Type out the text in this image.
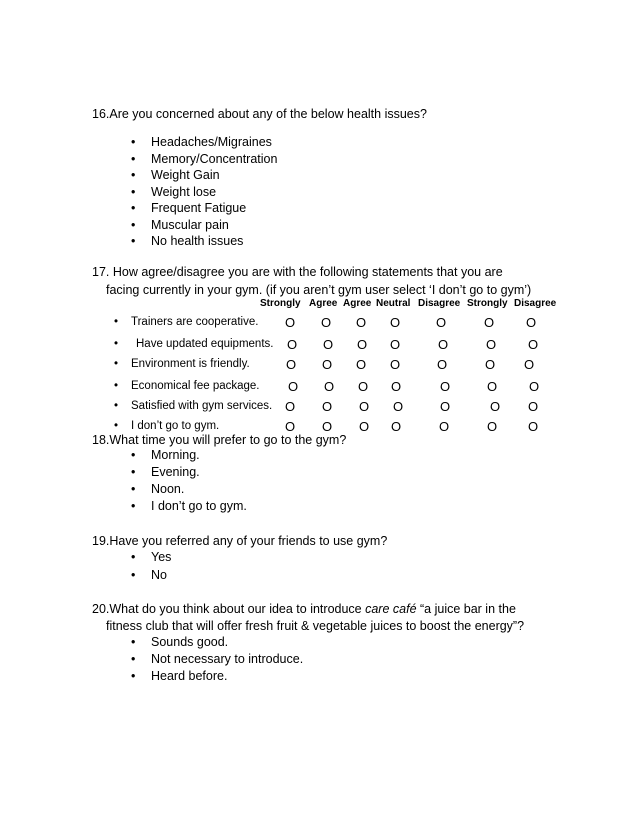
16.Are you concerned about any of the below health issues?
• Headaches/Migraines
• Memory/Concentration
• Weight Gain
• Weight lose
• Frequent Fatigue
• Muscular pain
• No health issues
17. How agree/disagree you are with the following statements that you are
facing currently in your gym. (if you aren’t gym user select ‘I don’t go to gym’)
Strongly Agree Agree Neutral Disagree Strongly Disagree
• Trainers are cooperative. O O O O	O	O O
• Have updated equipments. O O O O	O	O O
• Environment is friendly.	O O O O	O	O O
• Economical fee package. O O O O	O	O O
• Satisfied with gym services. O O O O	O	O O
• I don’t go to gym.	O O O O	O	O O
18.What time you will prefer to go to the gym?
• Morning.
• Evening.
• Noon.
• I don’t go to gym.
19.Have you referred any of your friends to use gym?
• Yes
• No
20.What do you think about our idea to introduce care café “a juice bar in the
fitness club that will offer fresh fruit & vegetable juices to boost the energy”?
• Sounds good.
• Not necessary to introduce.
• Heard before.
